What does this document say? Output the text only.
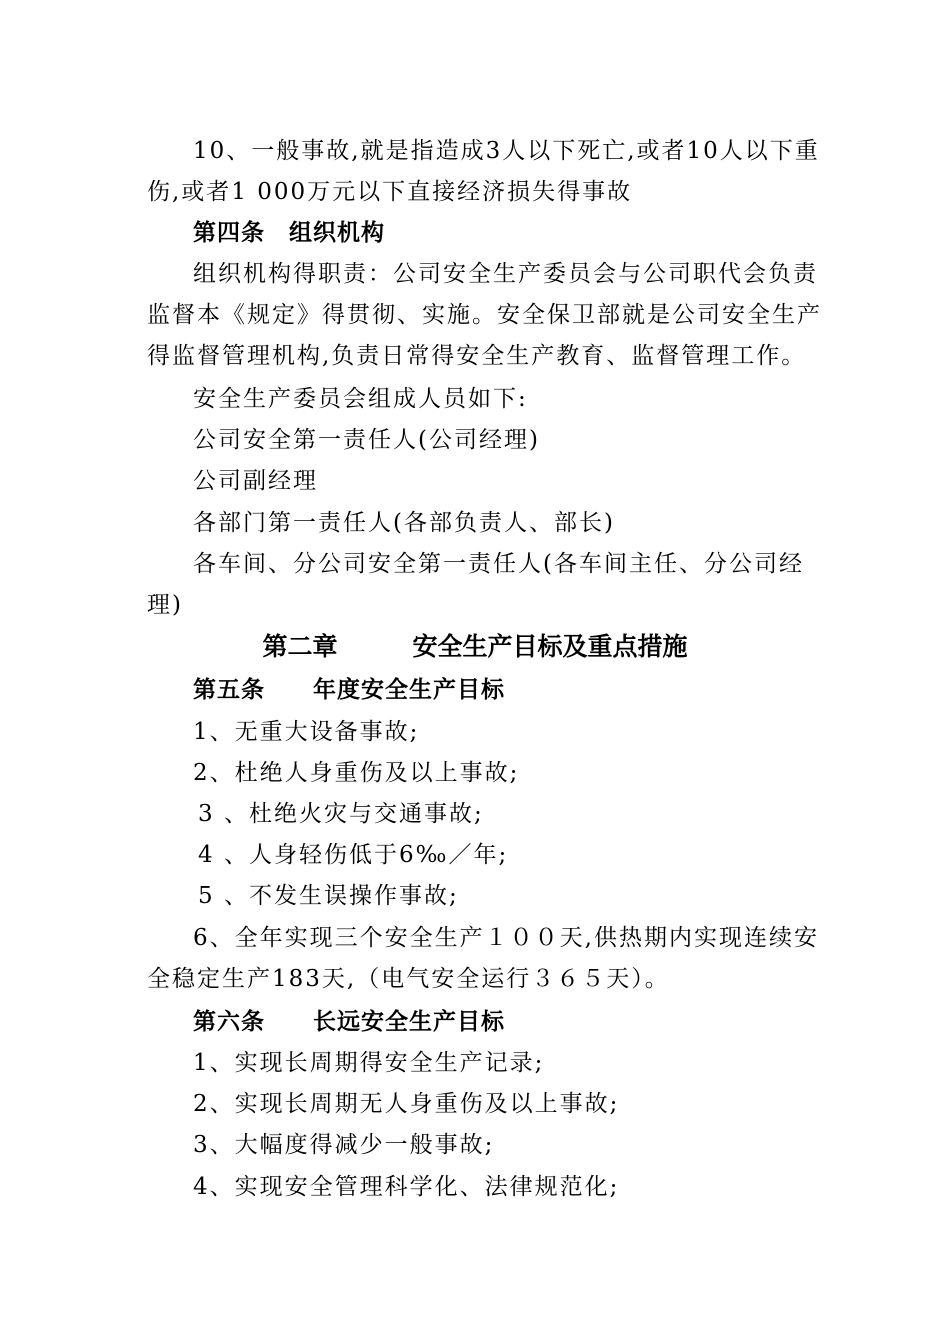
10、一般事故,就是指造成3人以下死亡,或者10人以下重
伤,或者1 000万元以下直接经济损失得事故
第四条　组织机构
组织机构得职责：公司安全生产委员会与公司职代会负责
监督本《规定》得贯彻、实施。安全保卫部就是公司安全生产
得监督管理机构,负责日常得安全生产教育、监督管理工作。
安全生产委员会组成人员如下:
公司安全第一责任人(公司经理)
公司副经理
各部门第一责任人(各部负责人、部长)
各车间、分公司安全第一责任人(各车间主任、分公司经
理)
第二章　　　安全生产目标及重点措施
第五条　　年度安全生产目标
1、无重大设备事故;
2、杜绝人身重伤及以上事故;
3 、杜绝火灾与交通事故;
4 、人身轻伤低于6‰／年;
5 、不发生误操作事故;
6、全年实现三个安全生产１００天,供热期内实现连续安
全稳定生产183天,（电气安全运行３６５天）。
第六条　　长远安全生产目标
1、实现长周期得安全生产记录;
2、实现长周期无人身重伤及以上事故;
3、大幅度得减少一般事故;
4、实现安全管理科学化、法律规范化;
